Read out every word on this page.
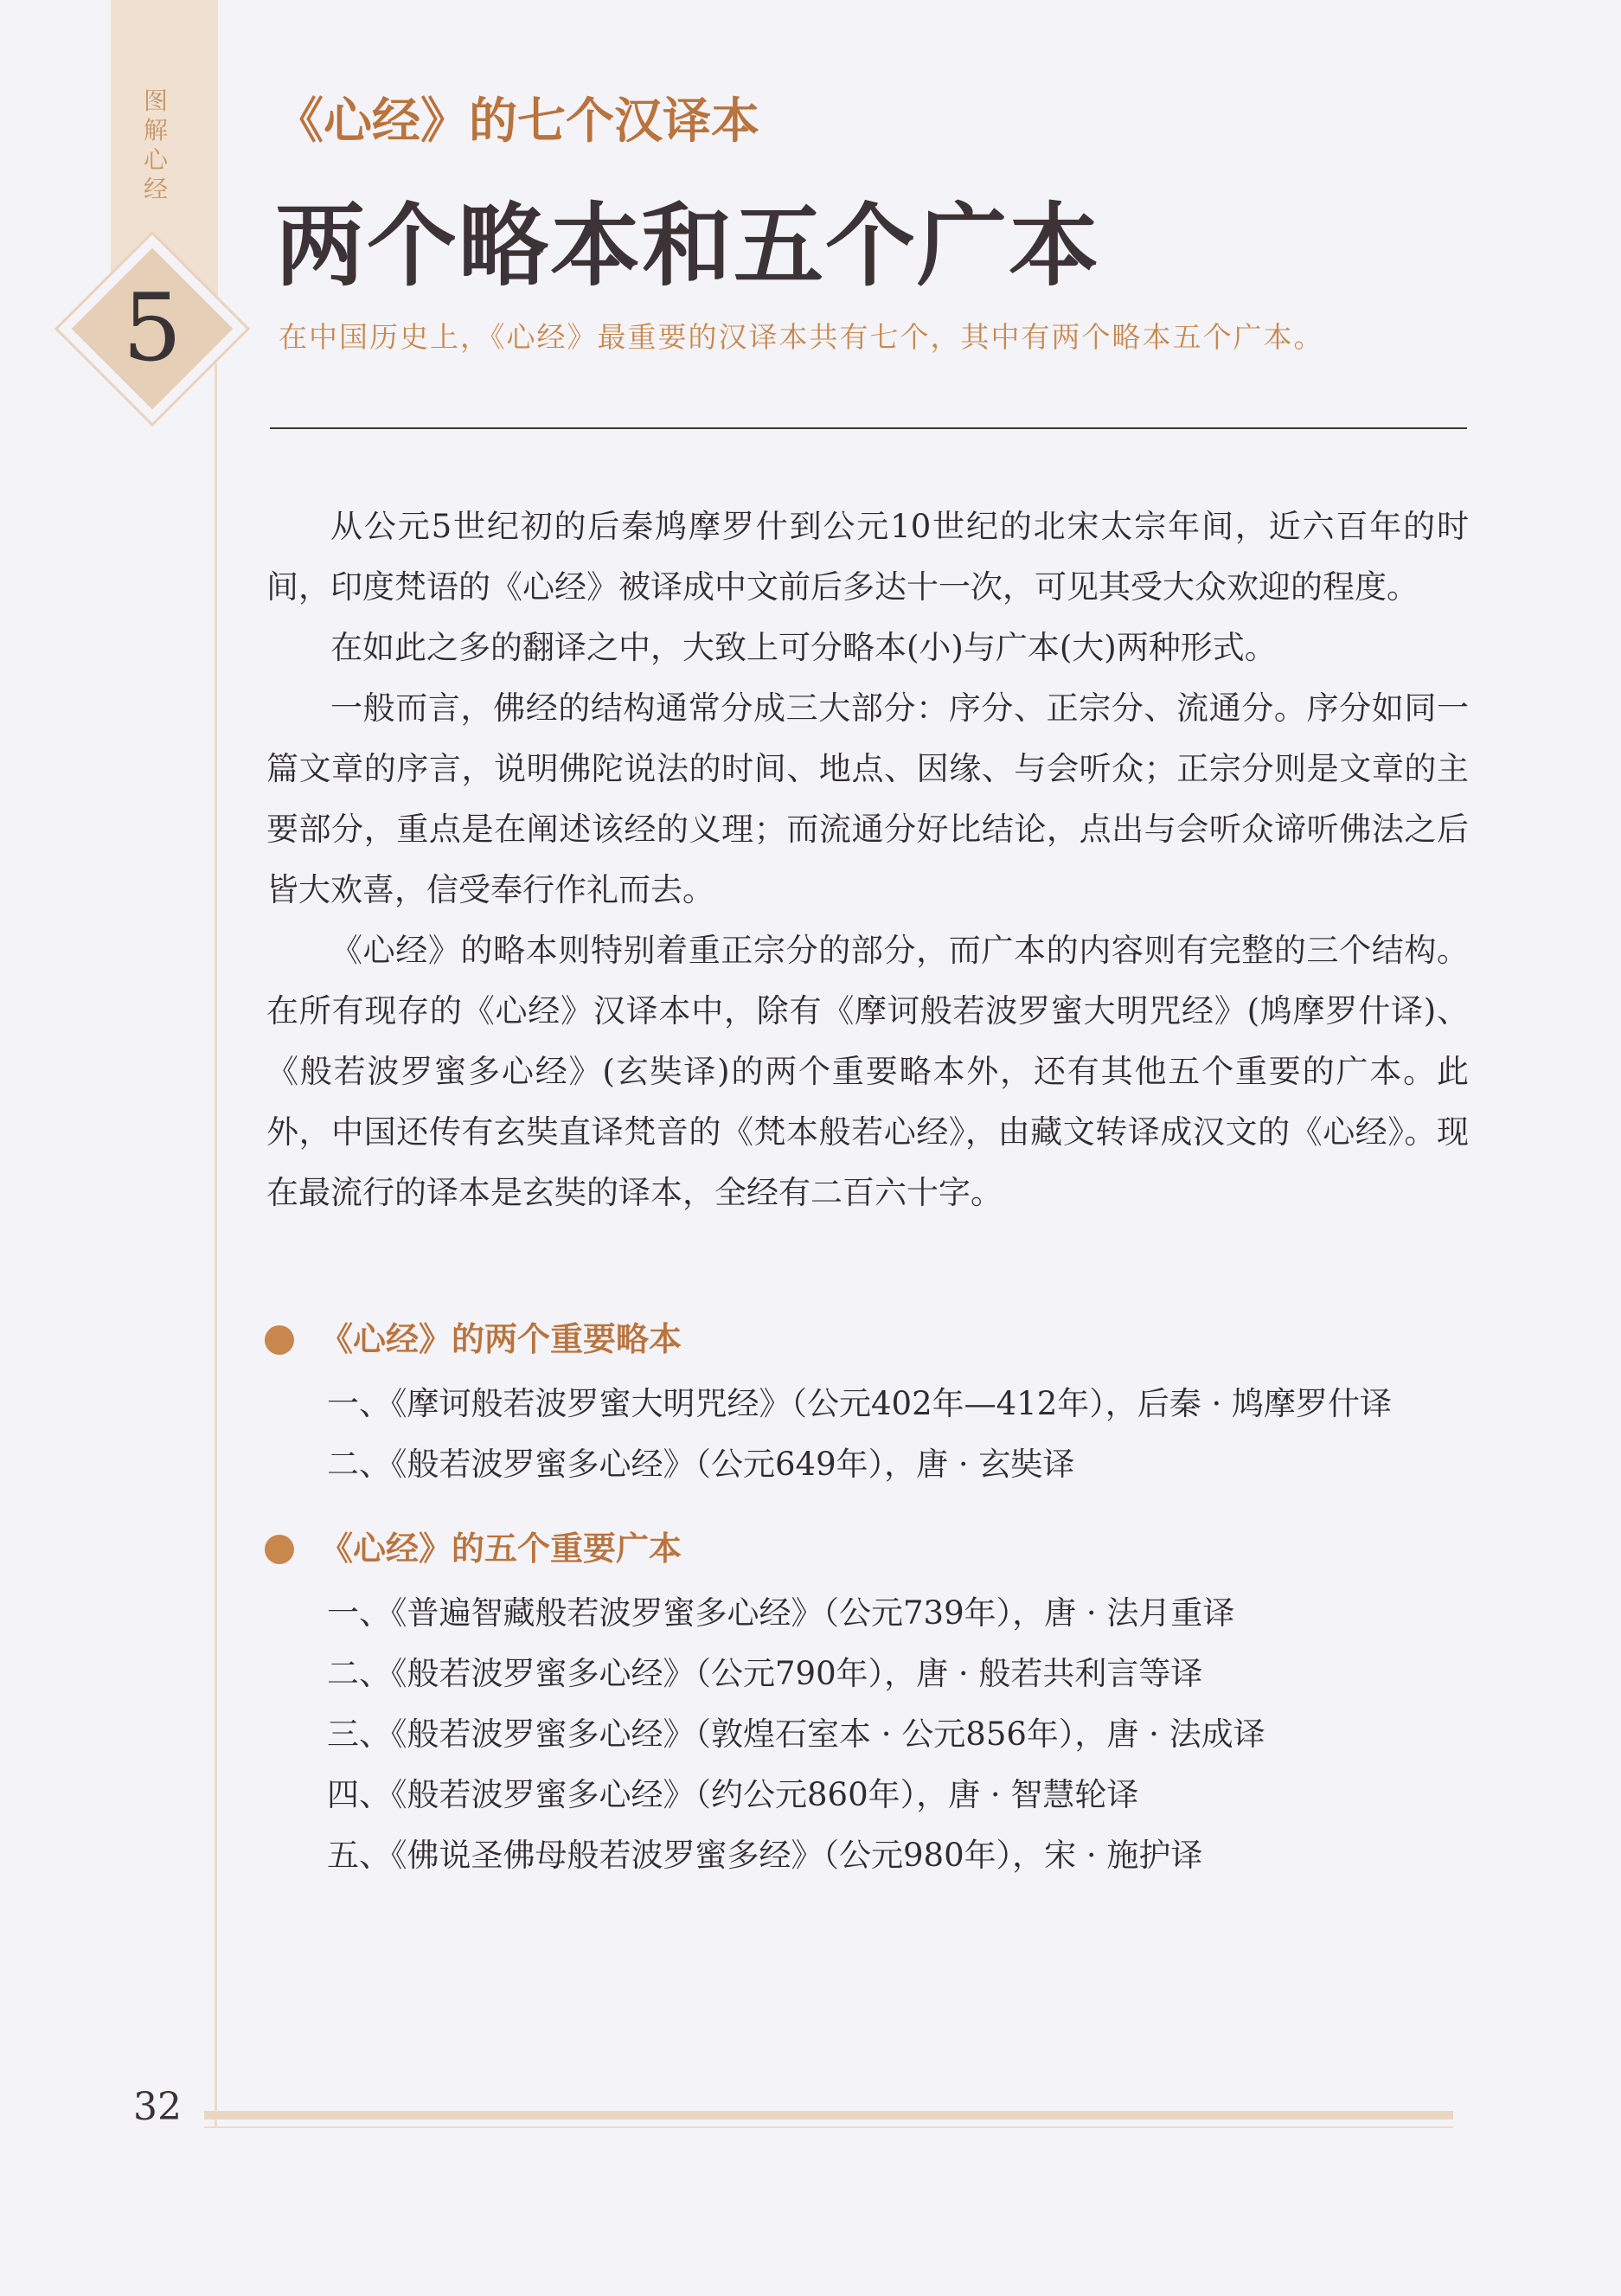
图解心经
5
《心经》的七个汉译本
两个略本和五个广本
在中国历史上，《心经》最重要的汉译本共有七个，其中有两个略本五个广本。

从公元5世纪初的后秦鸠摩罗什到公元10世纪的北宋太宗年间，近六百年的时间，印度梵语的《心经》被译成中文前后多达十一次，可见其受大众欢迎的程度。

在如此之多的翻译之中，大致上可分略本(小)与广本(大)两种形式。

一般而言，佛经的结构通常分成三大部分：序分、正宗分、流通分。序分如同一篇文章的序言，说明佛陀说法的时间、地点、因缘、与会听众；正宗分则是文章的主要部分，重点是在阐述该经的义理；而流通分好比结论，点出与会听众谛听佛法之后皆大欢喜，信受奉行作礼而去。

《心经》的略本则特别着重正宗分的部分，而广本的内容则有完整的三个结构。在所有现存的《心经》汉译本中，除有《摩诃般若波罗蜜大明咒经》(鸠摩罗什译)、《般若波罗蜜多心经》(玄奘译)的两个重要略本外，还有其他五个重要的广本。此外，中国还传有玄奘直译梵音的《梵本般若心经》，由藏文转译成汉文的《心经》。现在最流行的译本是玄奘的译本，全经有二百六十字。

《心经》的两个重要略本
一、《摩诃般若波罗蜜大明咒经》（公元402年—412年），后秦 · 鸠摩罗什译
二、《般若波罗蜜多心经》（公元649年），唐 · 玄奘译
《心经》的五个重要广本
一、《普遍智藏般若波罗蜜多心经》（公元739年），唐 · 法月重译
二、《般若波罗蜜多心经》（公元790年），唐 · 般若共利言等译
三、《般若波罗蜜多心经》（敦煌石室本 · 公元856年），唐 · 法成译
四、《般若波罗蜜多心经》（约公元860年），唐 · 智慧轮译
五、《佛说圣佛母般若波罗蜜多经》（公元980年），宋 · 施护译
32
